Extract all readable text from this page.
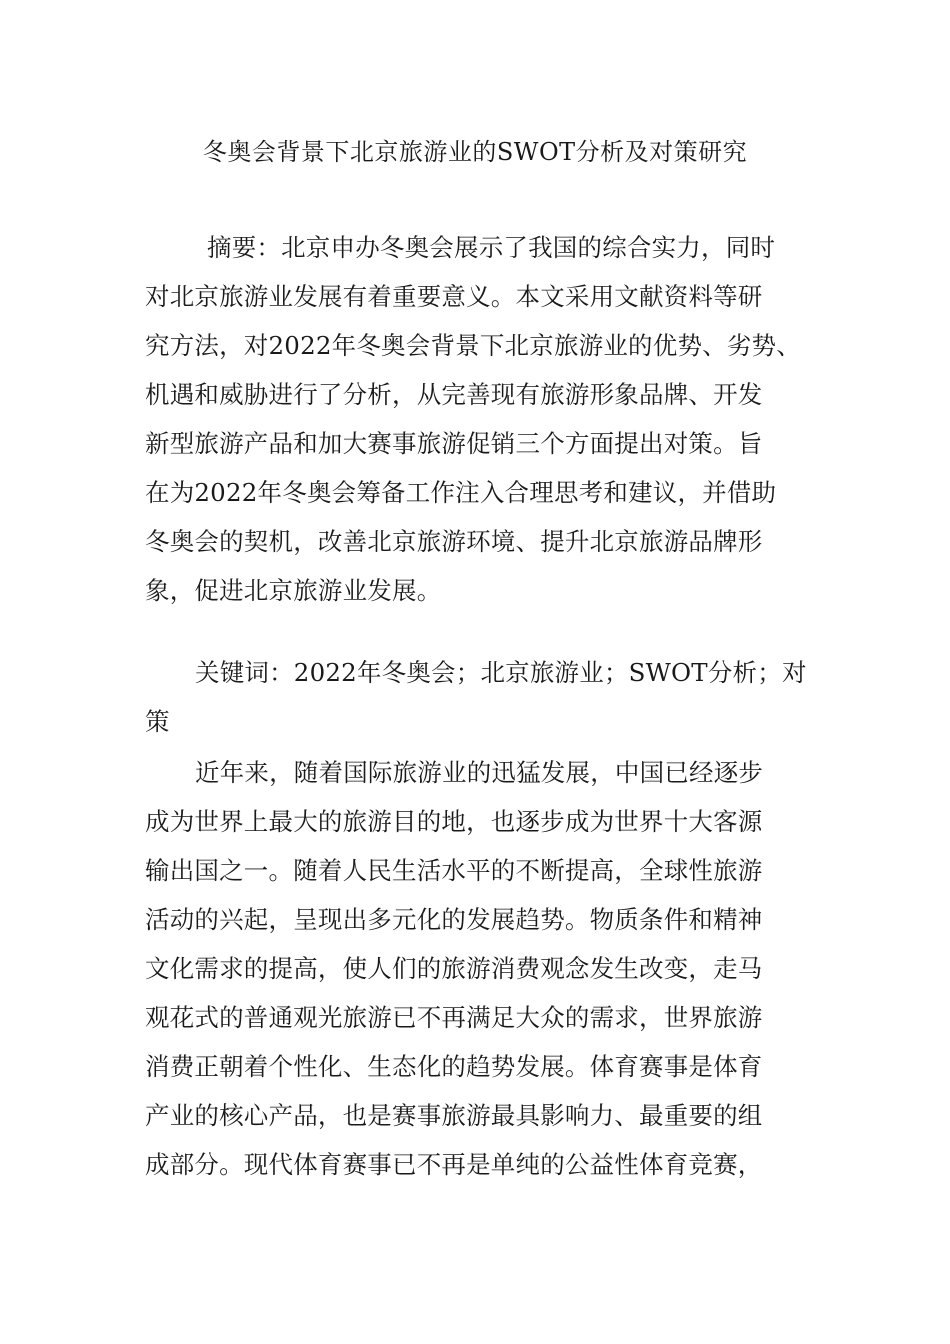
冬奥会背景下北京旅游业的SWOT分析及对策研究
摘要：北京申办冬奥会展示了我国的综合实力，同时
对北京旅游业发展有着重要意义。本文采用文献资料等研
究方法，对2022年冬奥会背景下北京旅游业的优势、劣势、
机遇和威胁进行了分析，从完善现有旅游形象品牌、开发
新型旅游产品和加大赛事旅游促销三个方面提出对策。旨
在为2022年冬奥会筹备工作注入合理思考和建议，并借助
冬奥会的契机，改善北京旅游环境、提升北京旅游品牌形
象，促进北京旅游业发展。
关键词：2022年冬奥会；北京旅游业；SWOT分析；对
策
近年来，随着国际旅游业的迅猛发展，中国已经逐步
成为世界上最大的旅游目的地，也逐步成为世界十大客源
输出国之一。随着人民生活水平的不断提高，全球性旅游
活动的兴起，呈现出多元化的发展趋势。物质条件和精神
文化需求的提高，使人们的旅游消费观念发生改变，走马
观花式的普通观光旅游已不再满足大众的需求，世界旅游
消费正朝着个性化、生态化的趋势发展。体育赛事是体育
产业的核心产品，也是赛事旅游最具影响力、最重要的组
成部分。现代体育赛事已不再是单纯的公益性体育竞赛，
